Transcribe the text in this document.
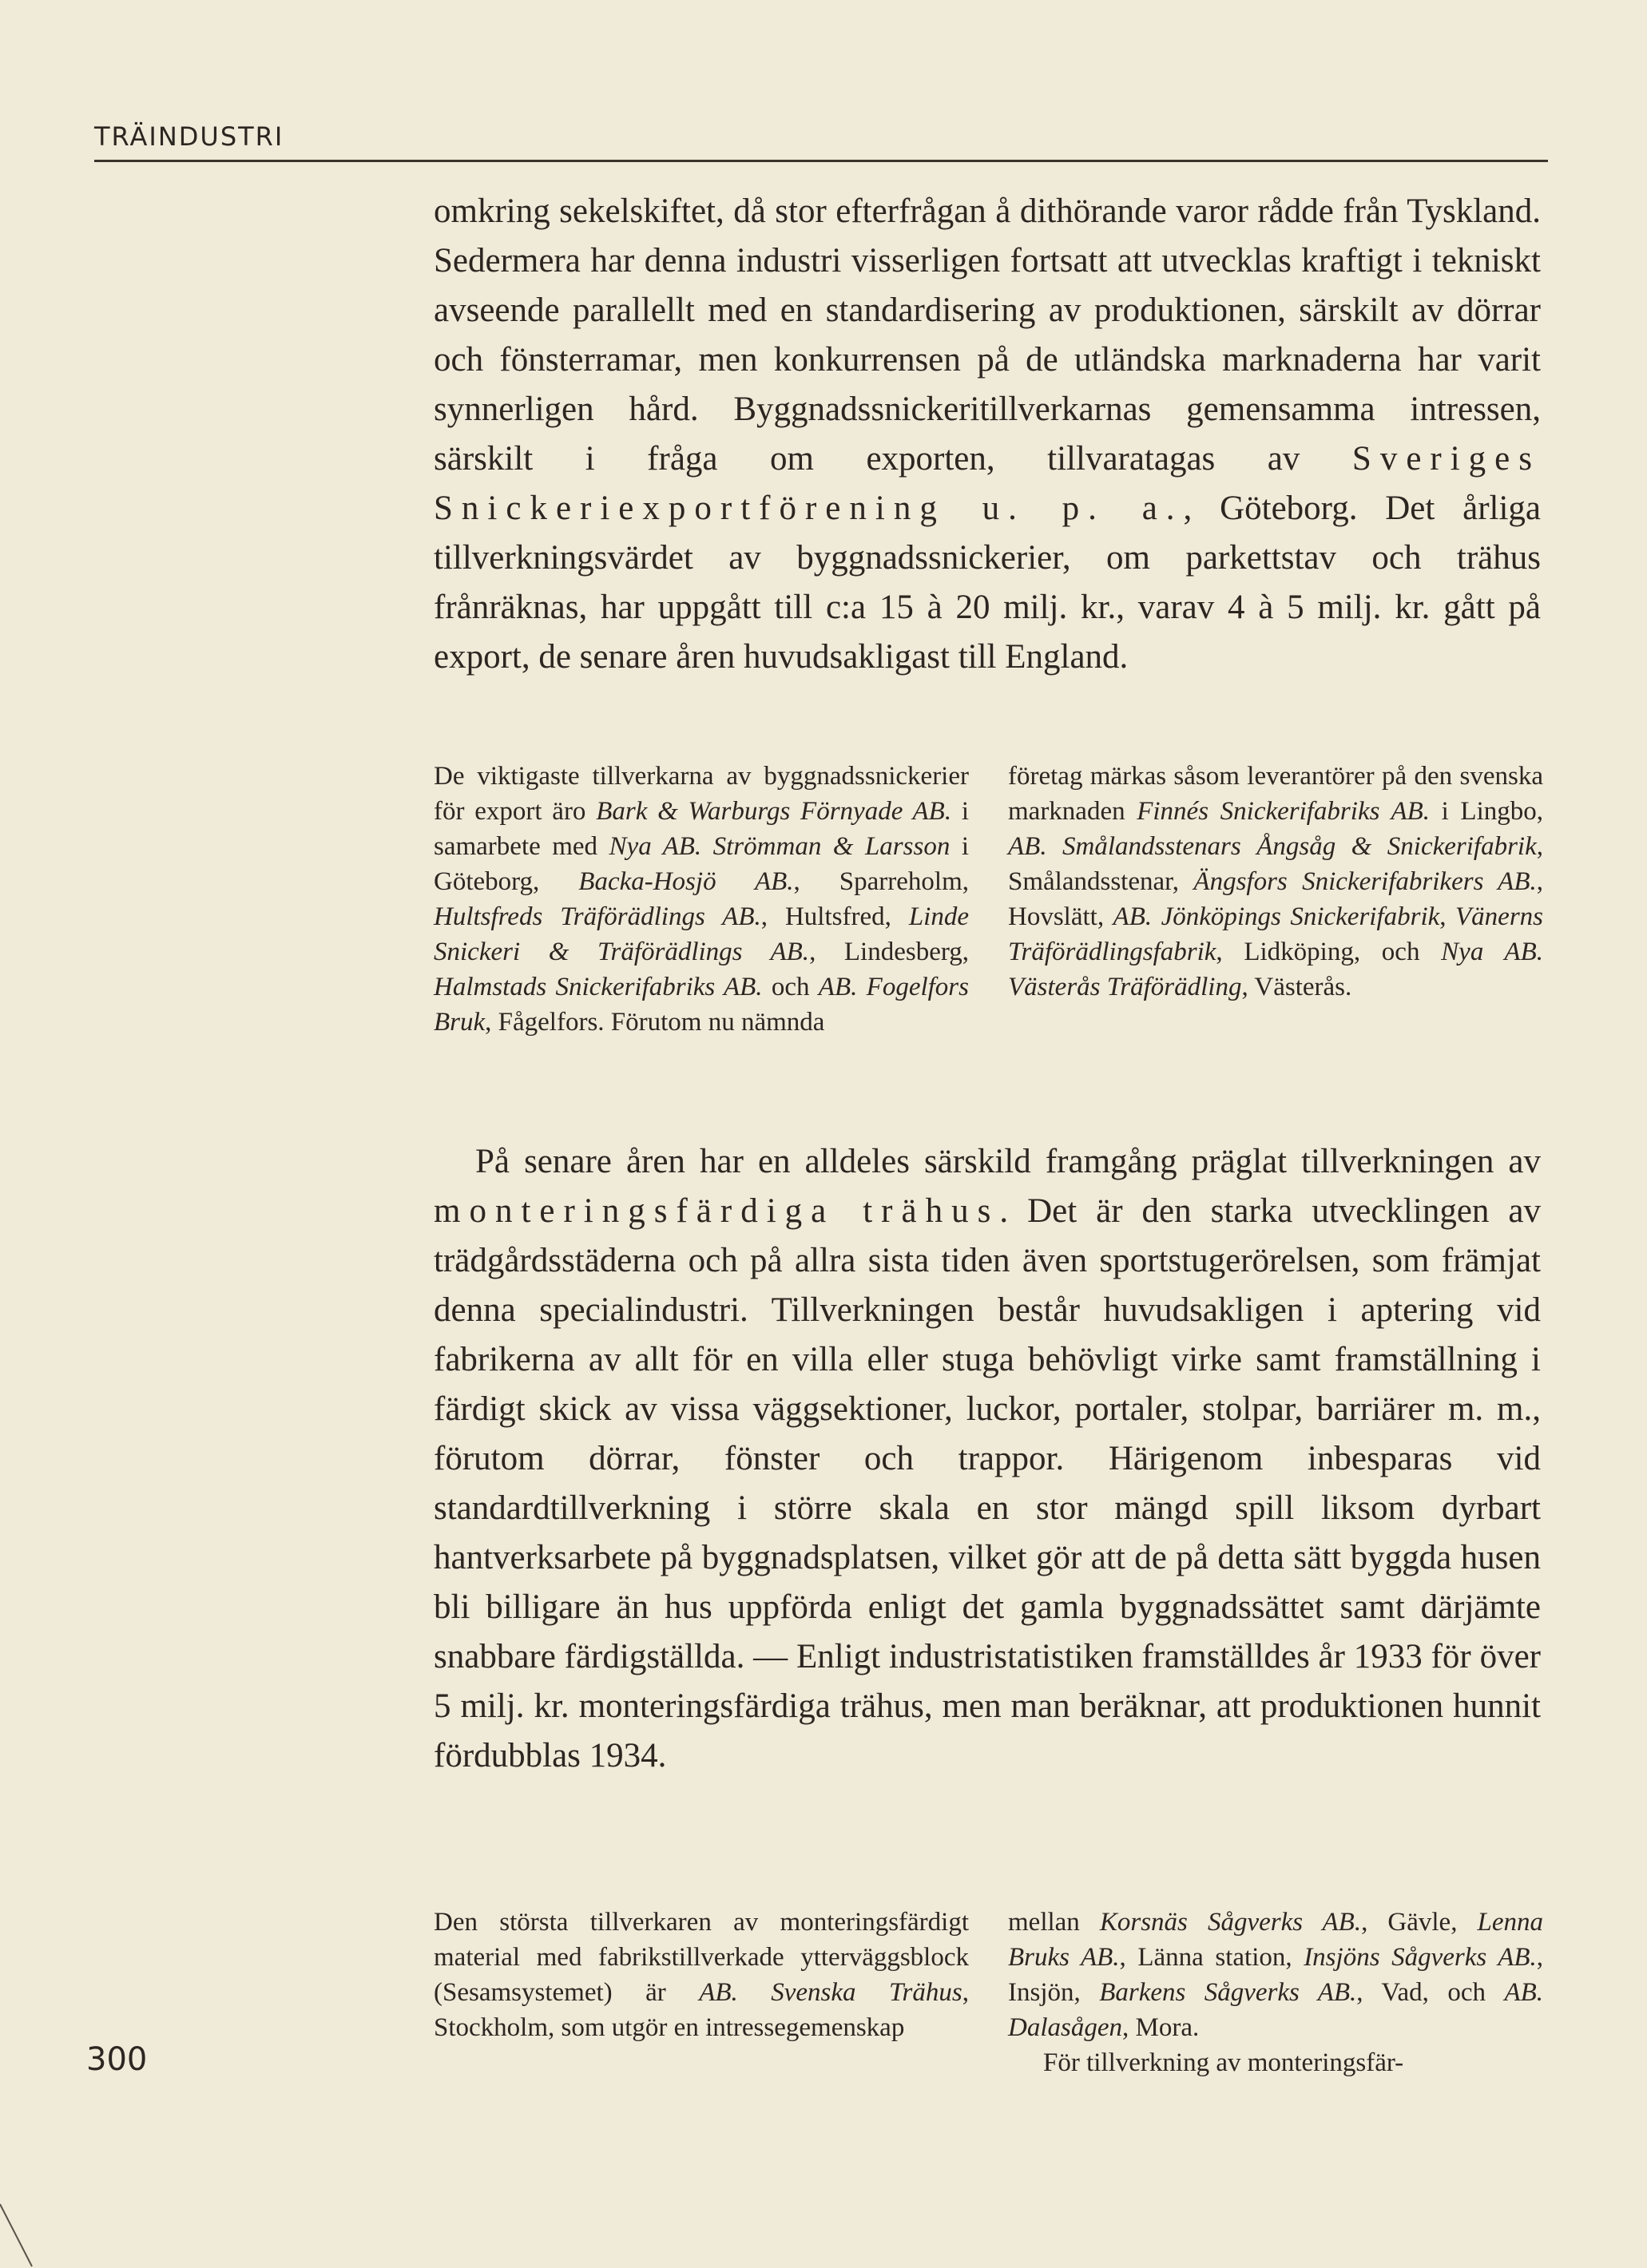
TRÄINDUSTRI

omkring sekelskiftet, då stor efterfrågan å dithörande varor rådde från Tyskland. Sedermera har denna industri visserligen fortsatt att utvecklas kraftigt i tekniskt avseende parallellt med en standardisering av produktionen, särskilt av dörrar och fönsterramar, men konkurrensen på de utländska marknaderna har varit synnerligen hård. Byggnadssnickeritillverkarnas gemensamma intressen, särskilt i fråga om exporten, tillvaratagas av Sveriges Snickeriexportförening u. p. a., Göteborg. Det årliga tillverkningsvärdet av byggnadssnickerier, om parkettstav och trähus frånräknas, har uppgått till c:a 15 à 20 milj. kr., varav 4 à 5 milj. kr. gått på export, de senare åren huvudsakligast till England.

De viktigaste tillverkarna av byggnadssnickerier för export äro Bark & Warburgs Förnyade AB. i samarbete med Nya AB. Strömman & Larsson i Göteborg, Backa-Hosjö AB., Sparreholm, Hultsfreds Träförädlings AB., Hultsfred, Linde Snickeri & Träförädlings AB., Lindesberg, Halmstads Snickerifabriks AB. och AB. Fogelfors Bruk, Fågelfors. Förutom nu nämnda

företag märkas såsom leverantörer på den svenska marknaden Finnés Snickerifabriks AB. i Lingbo, AB. Smålandsstenars Ångsåg & Snickerifabrik, Smålandsstenar, Ängsfors Snickerifabrikers AB., Hovslätt, AB. Jönköpings Snickerifabrik, Vänerns Träförädlingsfabrik, Lidköping, och Nya AB. Västerås Träförädling, Västerås.

På senare åren har en alldeles särskild framgång präglat tillverkningen av monteringsfärdiga trähus. Det är den starka utvecklingen av trädgårdsstäderna och på allra sista tiden även sportstugerörelsen, som främjat denna specialindustri. Tillverkningen består huvudsakligen i aptering vid fabrikerna av allt för en villa eller stuga behövligt virke samt framställning i färdigt skick av vissa väggsektioner, luckor, portaler, stolpar, barriärer m. m., förutom dörrar, fönster och trappor. Härigenom inbesparas vid standardtillverkning i större skala en stor mängd spill liksom dyrbart hantverksarbete på byggnadsplatsen, vilket gör att de på detta sätt byggda husen bli billigare än hus uppförda enligt det gamla byggnadssättet samt därjämte snabbare färdigställda. — Enligt industristatistiken framställdes år 1933 för över 5 milj. kr. monteringsfärdiga trähus, men man beräknar, att produktionen hunnit fördubblas 1934.

Den största tillverkaren av monteringsfärdigt material med fabrikstillverkade ytterväggsblock (Sesamsystemet) är AB. Svenska Trähus, Stockholm, som utgör en intressegemenskap

mellan Korsnäs Sågverks AB., Gävle, Lenna Bruks AB., Länna station, Insjöns Sågverks AB., Insjön, Barkens Sågverks AB., Vad, och AB. Dalasågen, Mora.
För tillverkning av monteringsfär-

300
